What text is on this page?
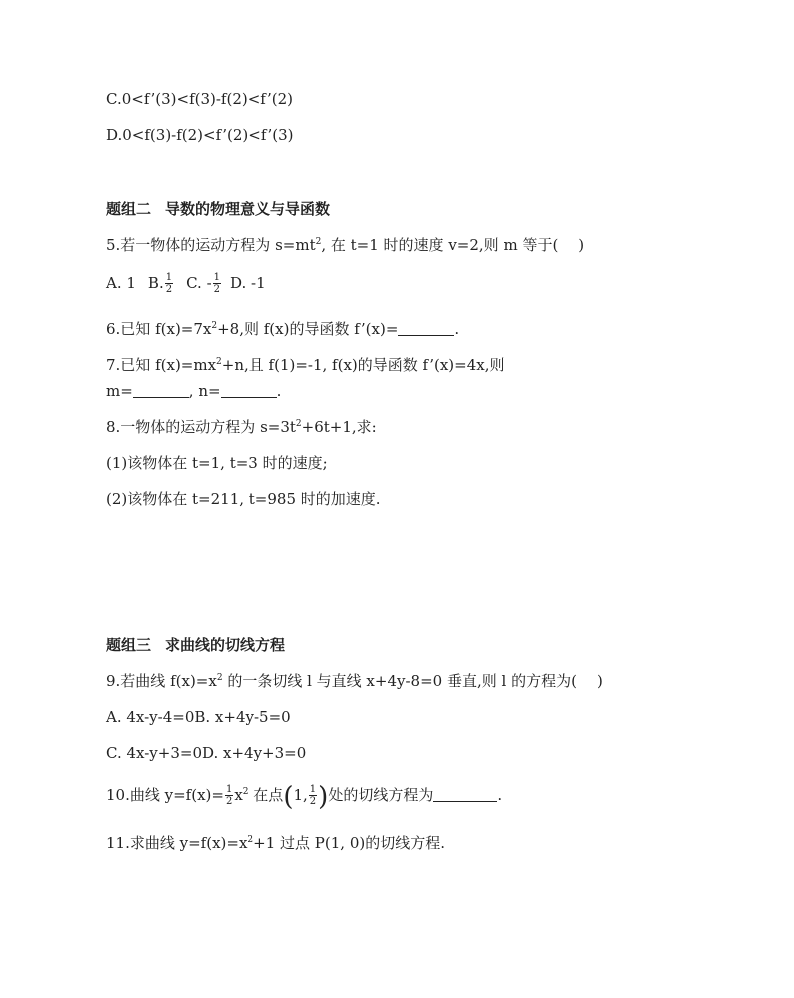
C.0<f’(3)<f(3)-f(2)<f’(2)
D.0<f(3)-f(2)<f’(2)<f’(3)
题组二 导数的物理意义与导函数
5.若一物体的运动方程为 $s=mt^2$, 在 t=1 时的速度 v=2,则 m 等于( )
A. 1 B. $\frac{1}{2} C$. - $\frac{1}{2} D$. -1
6.已知 $f(x)=7x^2+8$,则 f(x)的导函数 f’(x)=	.
7.已知 $f(x)=mx^2+n$,且 f(1)=-1, f(x)的导函数 f’(x)=4x,则
m=	, n=	.
8.一物体的运动方程为 $s=3t^2+6t+1$,求:
(1)该物体在 t=1, t=3 时的速度;
(2)该物体在 t=211, t=985 时的加速度.
题组三 求曲线的切线方程
9.若曲线 $f(x)=x^2$ 的一条切线 l 与直线 x+4y-8=0 垂直,则 l 的方程为( )
A. 4x-y-4=0B. x+4y-5=0
C. 4x-y+3=0D. x+4y+3=0
10.曲线 $y=f(x)= \frac{1}{2} x^2$ 在点(1, $\frac{1}{2}$ )处的切线方程为	.
11.求曲线 $y=f(x)=x^2+1$ 过点 P(1, 0)的切线方程.
